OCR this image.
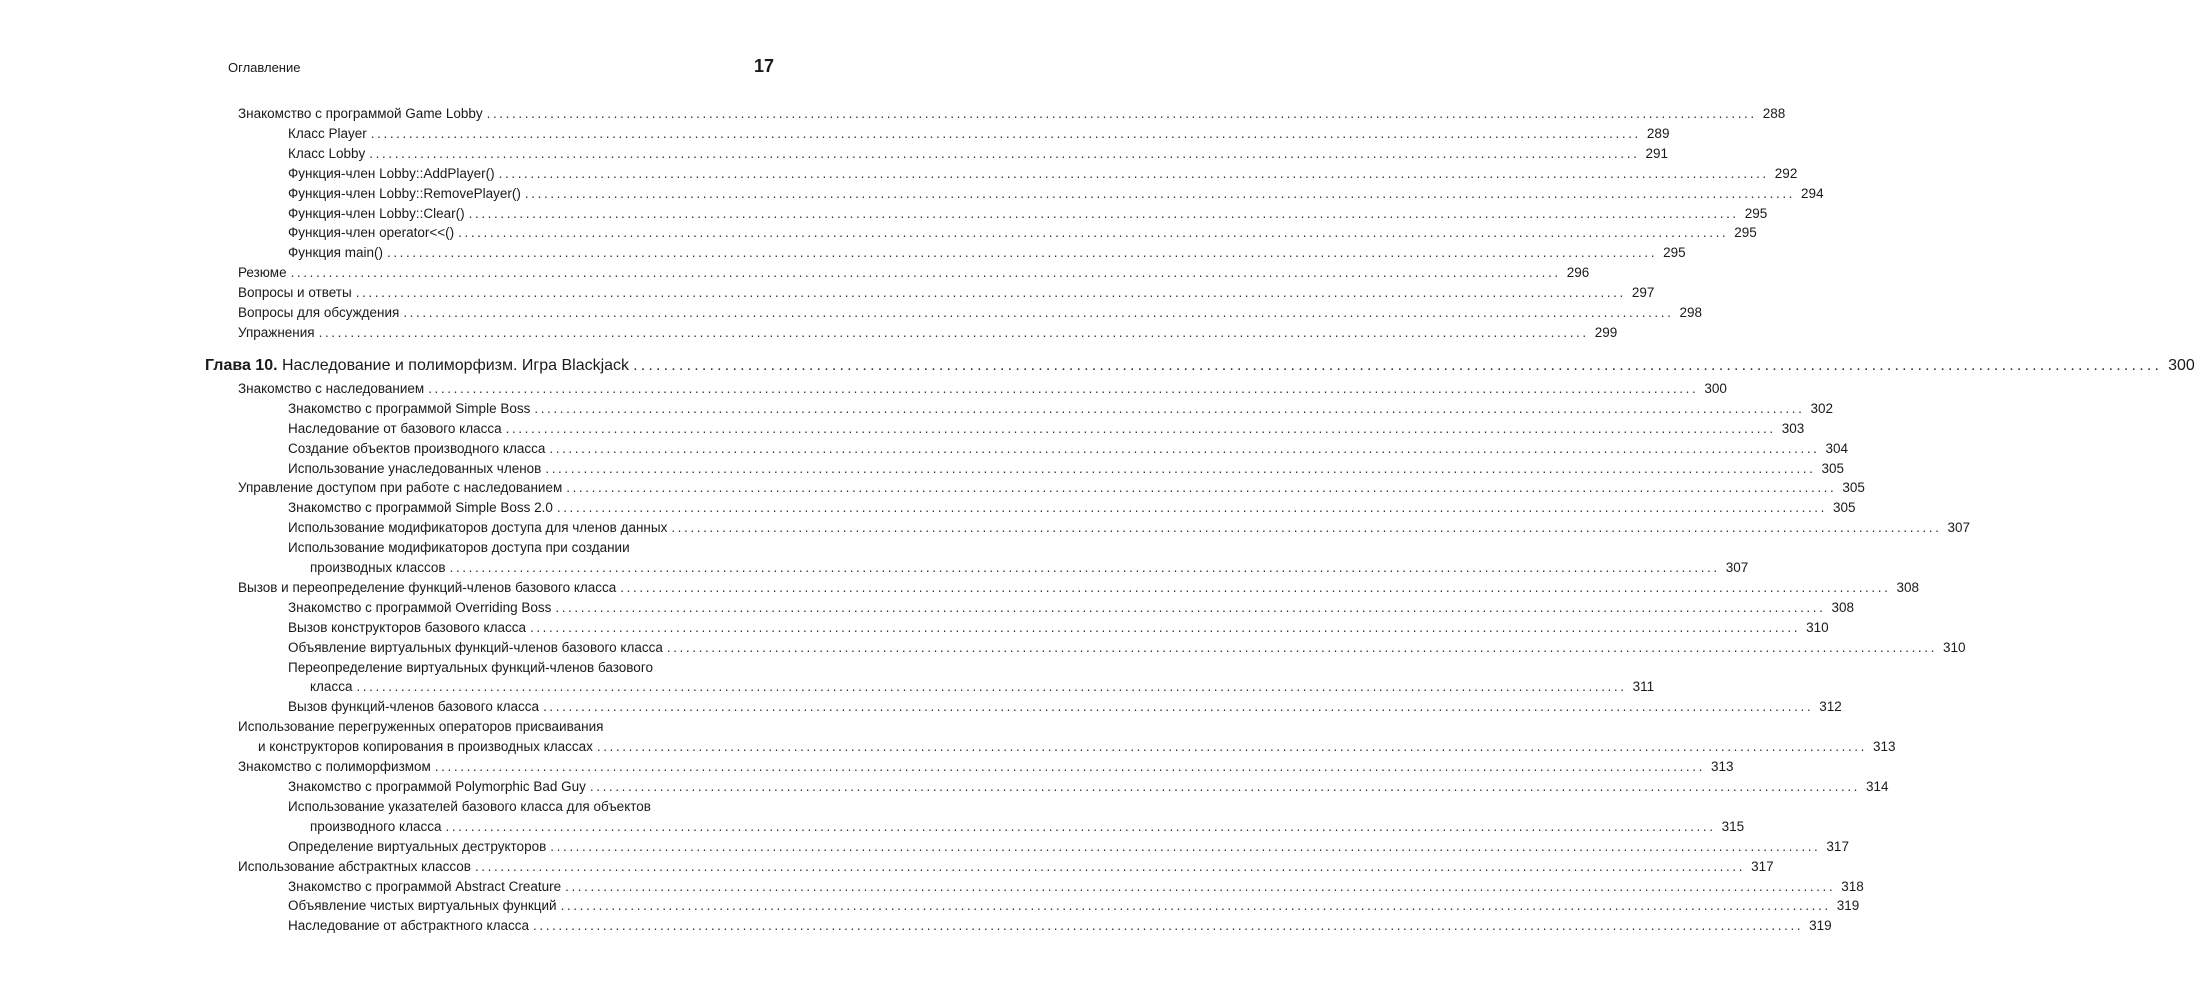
Оглавление	17
Знакомство с программой Game Lobby ........................................................................................................................................................................................................ 288
Класс Player ........................................................................................................................................................................................................ 289
Класс Lobby ........................................................................................................................................................................................................ 291
Функция-член Lobby::AddPlayer() ........................................................................................................................................................................................................ 292
Функция-член Lobby::RemovePlayer() ........................................................................................................................................................................................................ 294
Функция-член Lobby::Clear() ........................................................................................................................................................................................................ 295
Функция-член operator<<() ........................................................................................................................................................................................................ 295
Функция main() ........................................................................................................................................................................................................ 295
Резюме ........................................................................................................................................................................................................ 296
Вопросы и ответы ........................................................................................................................................................................................................ 297
Вопросы для обсуждения ........................................................................................................................................................................................................ 298
Упражнения ........................................................................................................................................................................................................ 299
Глава 10. Наследование и полиморфизм. Игра Blackjack ........................................................................................................................................................................................................ 300
Знакомство с наследованием ........................................................................................................................................................................................................ 300
Знакомство с программой Simple Boss ........................................................................................................................................................................................................ 302
Наследование от базового класса ........................................................................................................................................................................................................ 303
Создание объектов производного класса ........................................................................................................................................................................................................ 304
Использование унаследованных членов ........................................................................................................................................................................................................ 305
Управление доступом при работе с наследованием ........................................................................................................................................................................................................ 305
Знакомство с программой Simple Boss 2.0 ........................................................................................................................................................................................................ 305
Использование модификаторов доступа для членов данных ........................................................................................................................................................................................................ 307
Использование модификаторов доступа при создании
производных классов ........................................................................................................................................................................................................ 307
Вызов и переопределение функций-членов базового класса ........................................................................................................................................................................................................ 308
Знакомство с программой Overriding Boss ........................................................................................................................................................................................................ 308
Вызов конструкторов базового класса ........................................................................................................................................................................................................ 310
Объявление виртуальных функций-членов базового класса ........................................................................................................................................................................................................ 310
Переопределение виртуальных функций-членов базового
класса ........................................................................................................................................................................................................ 311
Вызов функций-членов базового класса ........................................................................................................................................................................................................ 312
Использование перегруженных операторов присваивания
и конструкторов копирования в производных классах ........................................................................................................................................................................................................ 313
Знакомство с полиморфизмом ........................................................................................................................................................................................................ 313
Знакомство с программой Polymorphic Bad Guy ........................................................................................................................................................................................................ 314
Использование указателей базового класса для объектов
производного класса ........................................................................................................................................................................................................ 315
Определение виртуальных деструкторов ........................................................................................................................................................................................................ 317
Использование абстрактных классов ........................................................................................................................................................................................................ 317
Знакомство с программой Abstract Creature ........................................................................................................................................................................................................ 318
Объявление чистых виртуальных функций ........................................................................................................................................................................................................ 319
Наследование от абстрактного класса ........................................................................................................................................................................................................ 319
